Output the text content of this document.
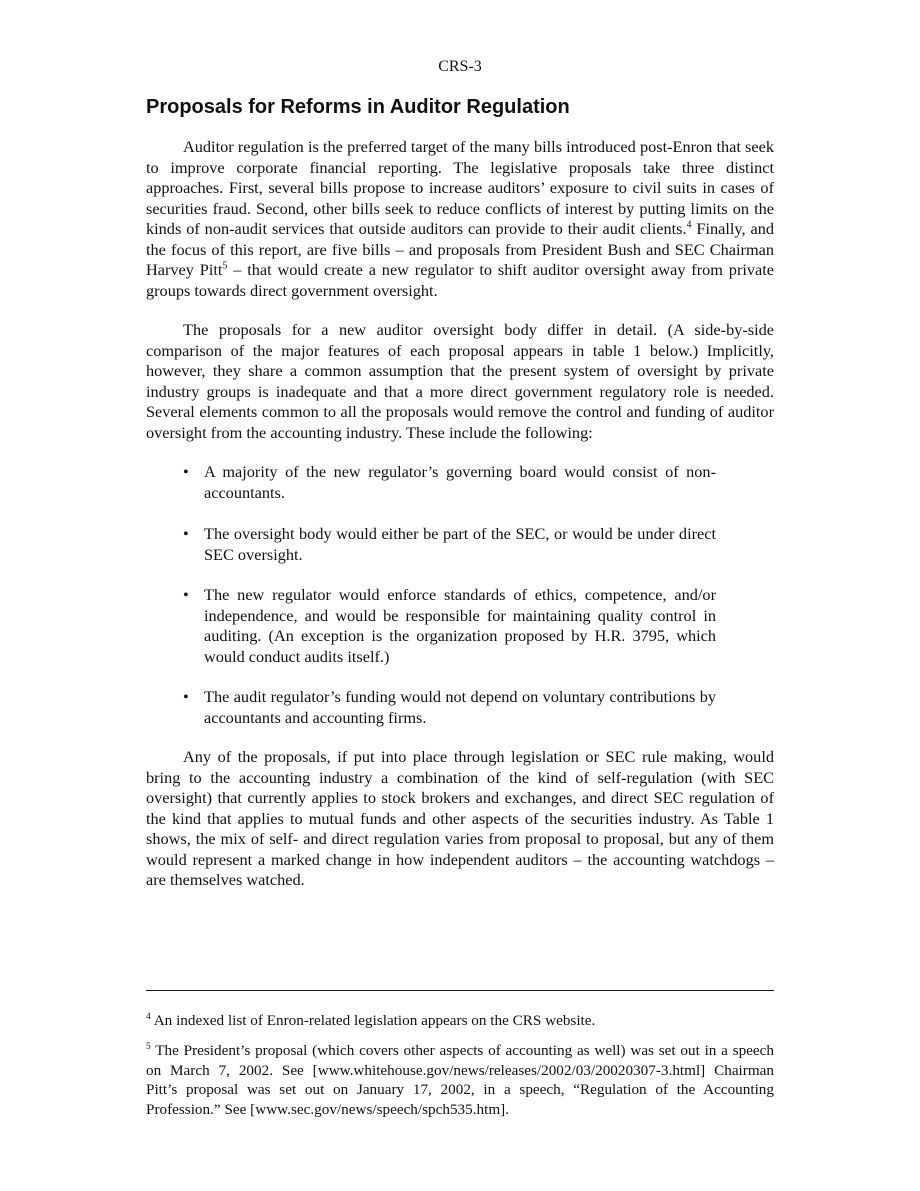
CRS-3
Proposals for Reforms in Auditor Regulation

Auditor regulation is the preferred target of the many bills introduced post-Enron that seek to improve corporate financial reporting. The legislative proposals take three distinct approaches. First, several bills propose to increase auditors’ exposure to civil suits in cases of securities fraud. Second, other bills seek to reduce conflicts of interest by putting limits on the kinds of non-audit services that outside auditors can provide to their audit clients.$^4$ Finally, and the focus of this report, are five bills – and proposals from President Bush and SEC Chairman Harvey Pitt$^5$ – that would create a new regulator to shift auditor oversight away from private groups towards direct government oversight.

The proposals for a new auditor oversight body differ in detail. (A side-by-side comparison of the major features of each proposal appears in table 1 below.) Implicitly, however, they share a common assumption that the present system of oversight by private industry groups is inadequate and that a more direct government regulatory role is needed. Several elements common to all the proposals would remove the control and funding of auditor oversight from the accounting industry. These include the following:

• A majority of the new regulator’s governing board would consist of non-accountants.
• The oversight body would either be part of the SEC, or would be under direct SEC oversight.
• The new regulator would enforce standards of ethics, competence, and/or independence, and would be responsible for maintaining quality control in auditing. (An exception is the organization proposed by H.R. 3795, which would conduct audits itself.)
• The audit regulator’s funding would not depend on voluntary contributions by accountants and accounting firms.

Any of the proposals, if put into place through legislation or SEC rule making, would bring to the accounting industry a combination of the kind of self-regulation (with SEC oversight) that currently applies to stock brokers and exchanges, and direct SEC regulation of the kind that applies to mutual funds and other aspects of the securities industry. As Table 1 shows, the mix of self- and direct regulation varies from proposal to proposal, but any of them would represent a marked change in how independent auditors – the accounting watchdogs – are themselves watched.

$^4$ An indexed list of Enron-related legislation appears on the CRS website.

$^5$ The President’s proposal (which covers other aspects of accounting as well) was set out in a speech on March 7, 2002. See [www.whitehouse.gov/news/releases/2002/03/20020307-3.html] Chairman Pitt’s proposal was set out on January 17, 2002, in a speech, “Regulation of the Accounting Profession.” See [www.sec.gov/news/speech/spch535.htm].
